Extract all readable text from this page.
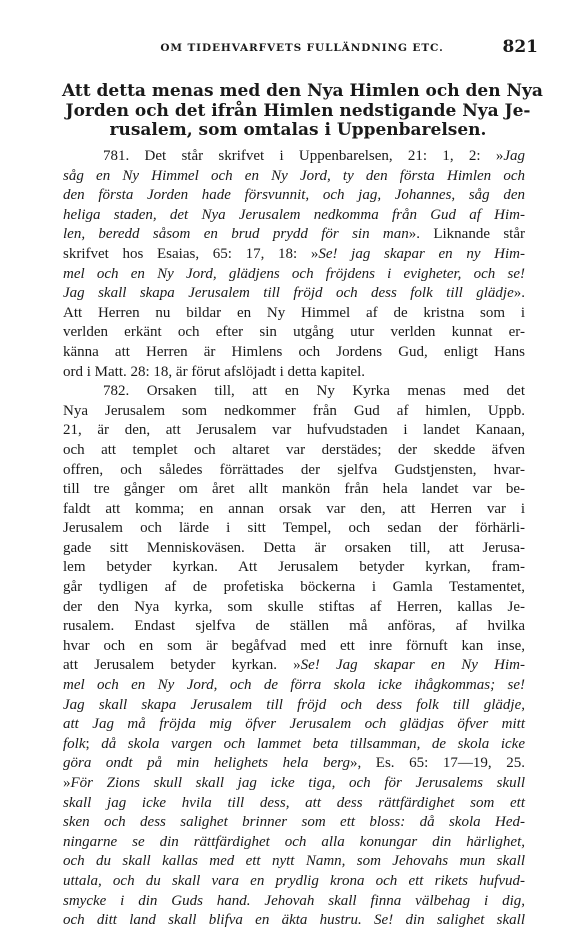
OM TIDEHVARFVETS FULLÄNDNING ETC.	821
Att detta menas med den Nya Himlen och den Nya
Jorden och det ifrån Himlen nedstigande Nya Je-
rusalem, som omtalas i Uppenbarelsen.
781. Det står skrifvet i Uppenbarelsen, 21: 1, 2: »Jag
såg en Ny Himmel och en Ny Jord, ty den första Himlen och
den första Jorden hade försvunnit, och jag, Johannes, såg den
heliga staden, det Nya Jerusalem nedkomma från Gud af Him-
len, beredd såsom en brud prydd för sin man». Liknande står
skrifvet hos Esaias, 65: 17, 18: »Se! jag skapar en ny Him-
mel och en Ny Jord, glädjens och fröjdens i evigheter, och se!
Jag skall skapa Jerusalem till fröjd och dess folk till glädje».
Att Herren nu bildar en Ny Himmel af de kristna som i
verlden erkänt och efter sin utgång utur verlden kunnat er-
känna att Herren är Himlens och Jordens Gud, enligt Hans
ord i Matt. 28: 18, är förut afslöjadt i detta kapitel.
782. Orsaken till, att en Ny Kyrka menas med det
Nya Jerusalem som nedkommer från Gud af himlen, Uppb.
21, är den, att Jerusalem var hufvudstaden i landet Kanaan,
och att templet och altaret var derstädes; der skedde äfven
offren, och således förrättades der sjelfva Gudstjensten, hvar-
till tre gånger om året allt mankön från hela landet var be-
faldt att komma; en annan orsak var den, att Herren var i
Jerusalem och lärde i sitt Tempel, och sedan der förhärli-
gade sitt Menniskoväsen. Detta är orsaken till, att Jerusa-
lem betyder kyrkan. Att Jerusalem betyder kyrkan, fram-
går tydligen af de profetiska böckerna i Gamla Testamentet,
der den Nya kyrka, som skulle stiftas af Herren, kallas Je-
rusalem. Endast sjelfva de ställen må anföras, af hvilka
hvar och en som är begåfvad med ett inre förnuft kan inse,
att Jerusalem betyder kyrkan. »Se! Jag skapar en Ny Him-
mel och en Ny Jord, och de förra skola icke ihågkommas; se!
Jag skall skapa Jerusalem till fröjd och dess folk till glädje,
att Jag må fröjda mig öfver Jerusalem och glädjas öfver mitt
folk; då skola vargen och lammet beta tillsamman, de skola icke
göra ondt på min helighets hela berg», Es. 65: 17—19, 25.
»För Zions skull skall jag icke tiga, och för Jerusalems skull
skall jag icke hvila till dess, att dess rättfärdighet som ett
sken och dess salighet brinner som ett bloss: då skola Hed-
ningarne se din rättfärdighet och alla konungar din härlighet,
och du skall kallas med ett nytt Namn, som Jehovahs mun skall
uttala, och du skall vara en prydlig krona och ett rikets hufvud-
smycke i din Guds hand. Jehovah skall finna välbehag i dig,
och ditt land skall blifva en äkta hustru. Se! din salighet skall
